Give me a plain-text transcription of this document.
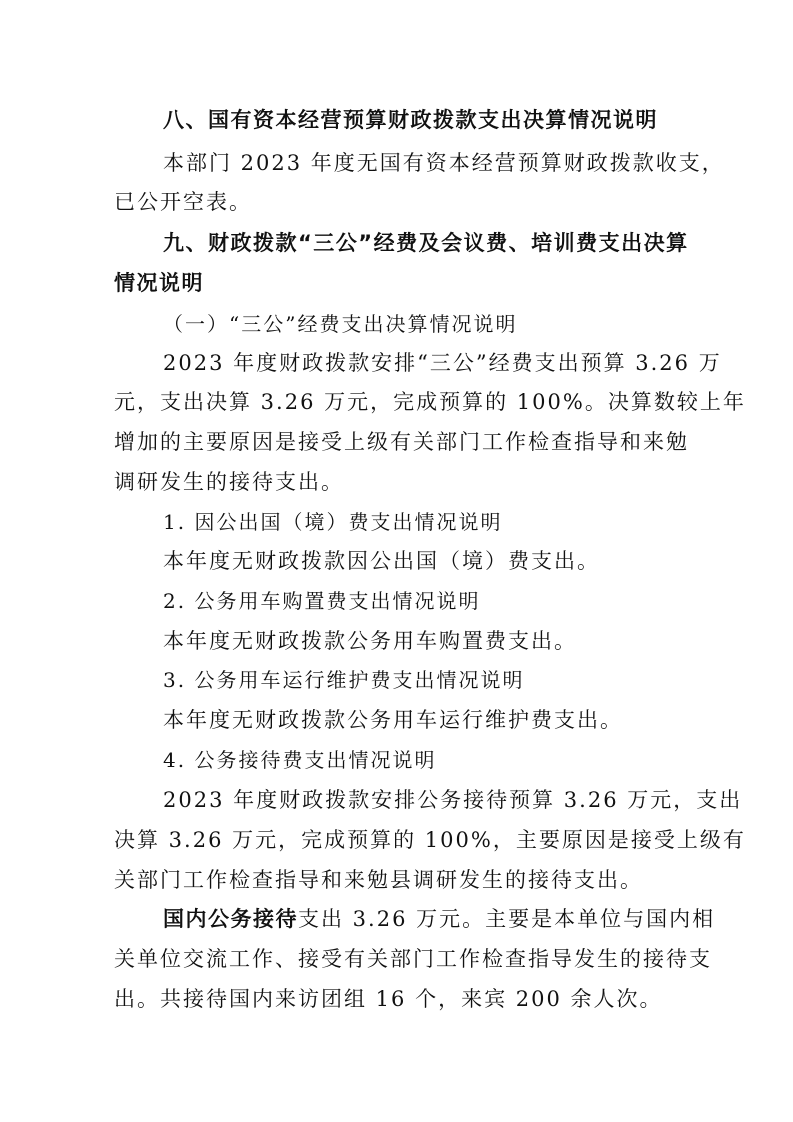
八、国有资本经营预算财政拨款支出决算情况说明
本部门 2023 年度无国有资本经营预算财政拨款收支，
已公开空表。
九、财政拨款“三公”经费及会议费、培训费支出决算
情况说明
（一）“三公”经费支出决算情况说明
2023 年度财政拨款安排“三公”经费支出预算 3.26 万
元，支出决算 3.26 万元，完成预算的 100%。决算数较上年
增加的主要原因是接受上级有关部门工作检查指导和来勉
调研发生的接待支出。
1. 因公出国（境）费支出情况说明
本年度无财政拨款因公出国（境）费支出。
2. 公务用车购置费支出情况说明
本年度无财政拨款公务用车购置费支出。
3. 公务用车运行维护费支出情况说明
本年度无财政拨款公务用车运行维护费支出。
4. 公务接待费支出情况说明
2023 年度财政拨款安排公务接待预算 3.26 万元，支出
决算 3.26 万元，完成预算的 100%，主要原因是接受上级有
关部门工作检查指导和来勉县调研发生的接待支出。
国内公务接待支出 3.26 万元。主要是本单位与国内相
关单位交流工作、接受有关部门工作检查指导发生的接待支
出。共接待国内来访团组 16 个，来宾 200 余人次。
